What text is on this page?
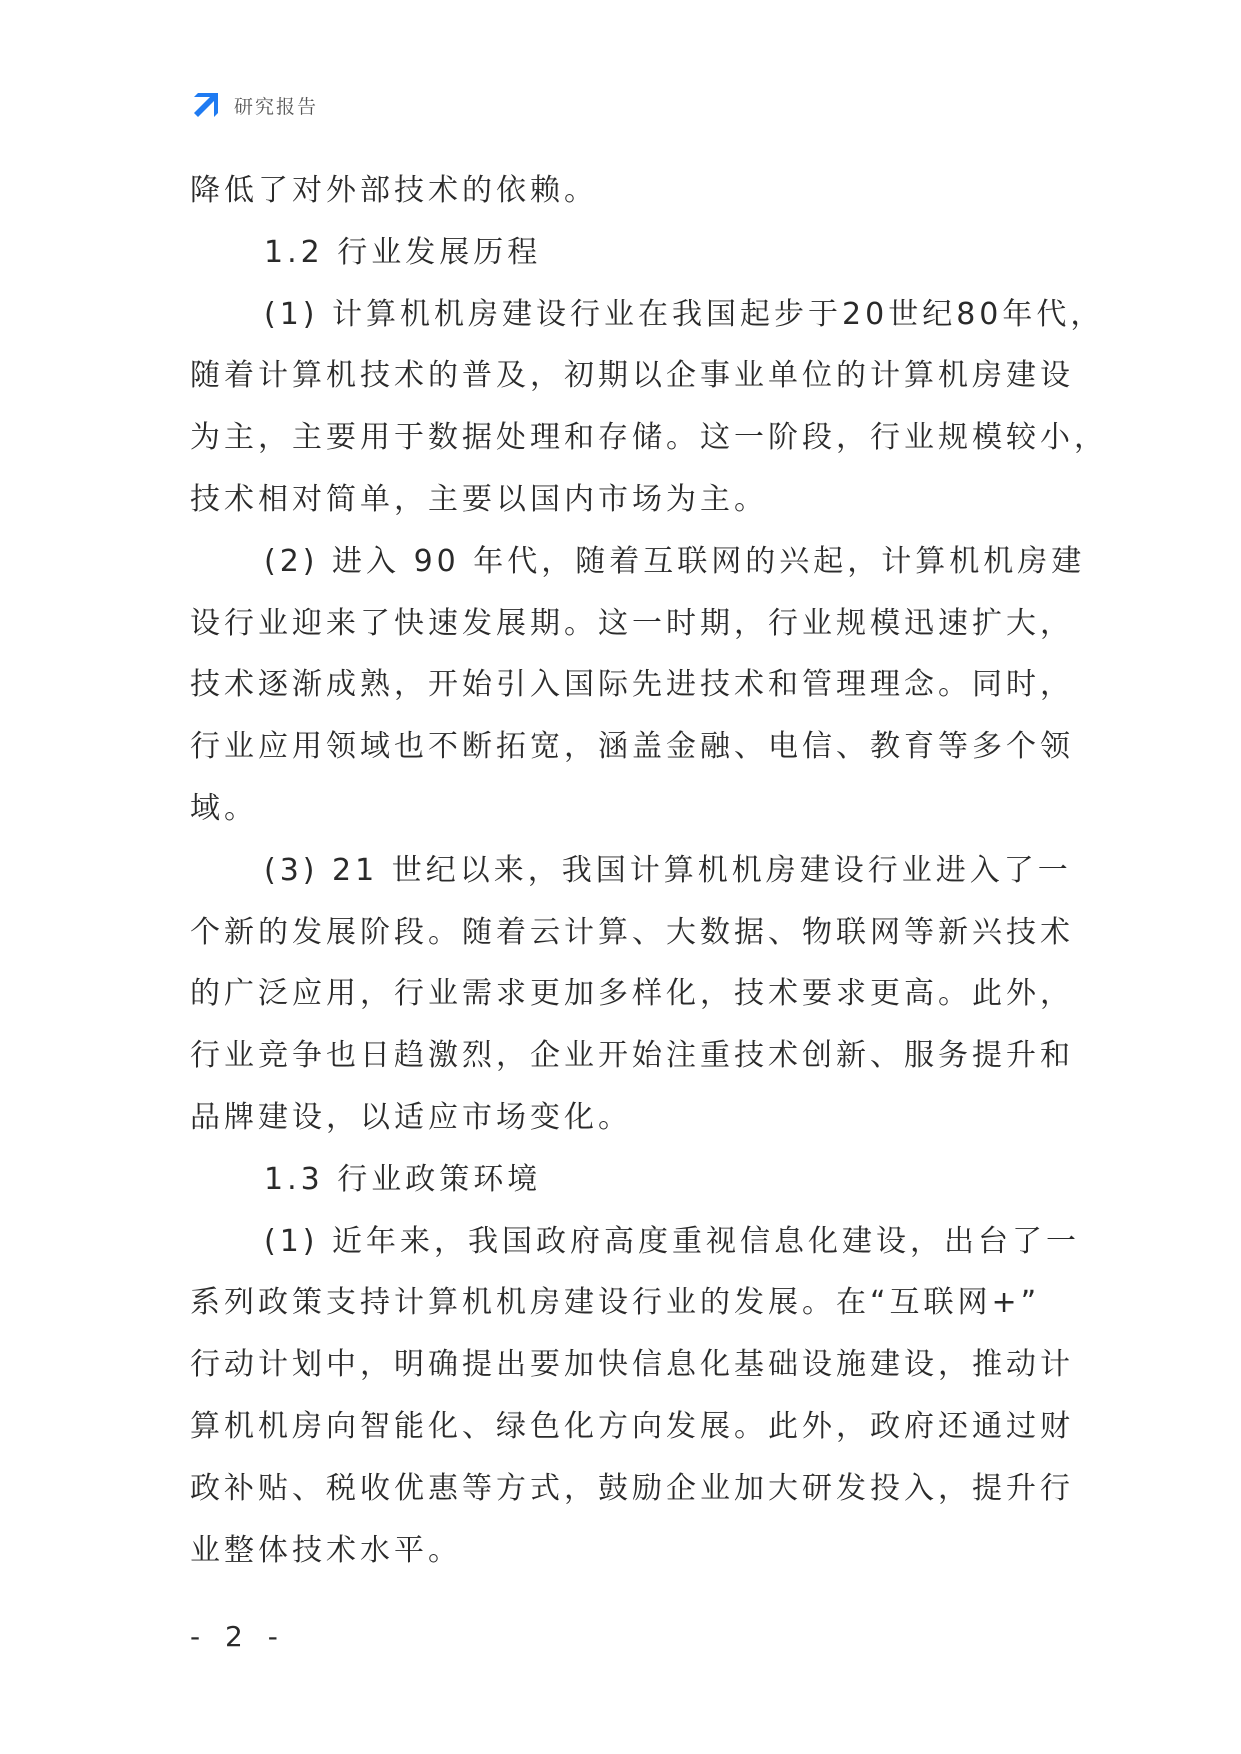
研究报告
降低了对外部技术的依赖。
1.2 行业发展历程
(1) 计算机机房建设行业在我国起步于20世纪80年代，
随着计算机技术的普及，初期以企事业单位的计算机房建设
为主，主要用于数据处理和存储。这一阶段，行业规模较小，
技术相对简单，主要以国内市场为主。
(2) 进入 90 年代，随着互联网的兴起，计算机机房建
设行业迎来了快速发展期。这一时期，行业规模迅速扩大，
技术逐渐成熟，开始引入国际先进技术和管理理念。同时，
行业应用领域也不断拓宽，涵盖金融、电信、教育等多个领
域。
(3) 21 世纪以来，我国计算机机房建设行业进入了一
个新的发展阶段。随着云计算、大数据、物联网等新兴技术
的广泛应用，行业需求更加多样化，技术要求更高。此外，
行业竞争也日趋激烈，企业开始注重技术创新、服务提升和
品牌建设，以适应市场变化。
1.3 行业政策环境
(1) 近年来，我国政府高度重视信息化建设，出台了一
系列政策支持计算机机房建设行业的发展。在“互联网+”
行动计划中，明确提出要加快信息化基础设施建设，推动计
算机机房向智能化、绿色化方向发展。此外，政府还通过财
政补贴、税收优惠等方式，鼓励企业加大研发投入，提升行
业整体技术水平。
- 2 -
